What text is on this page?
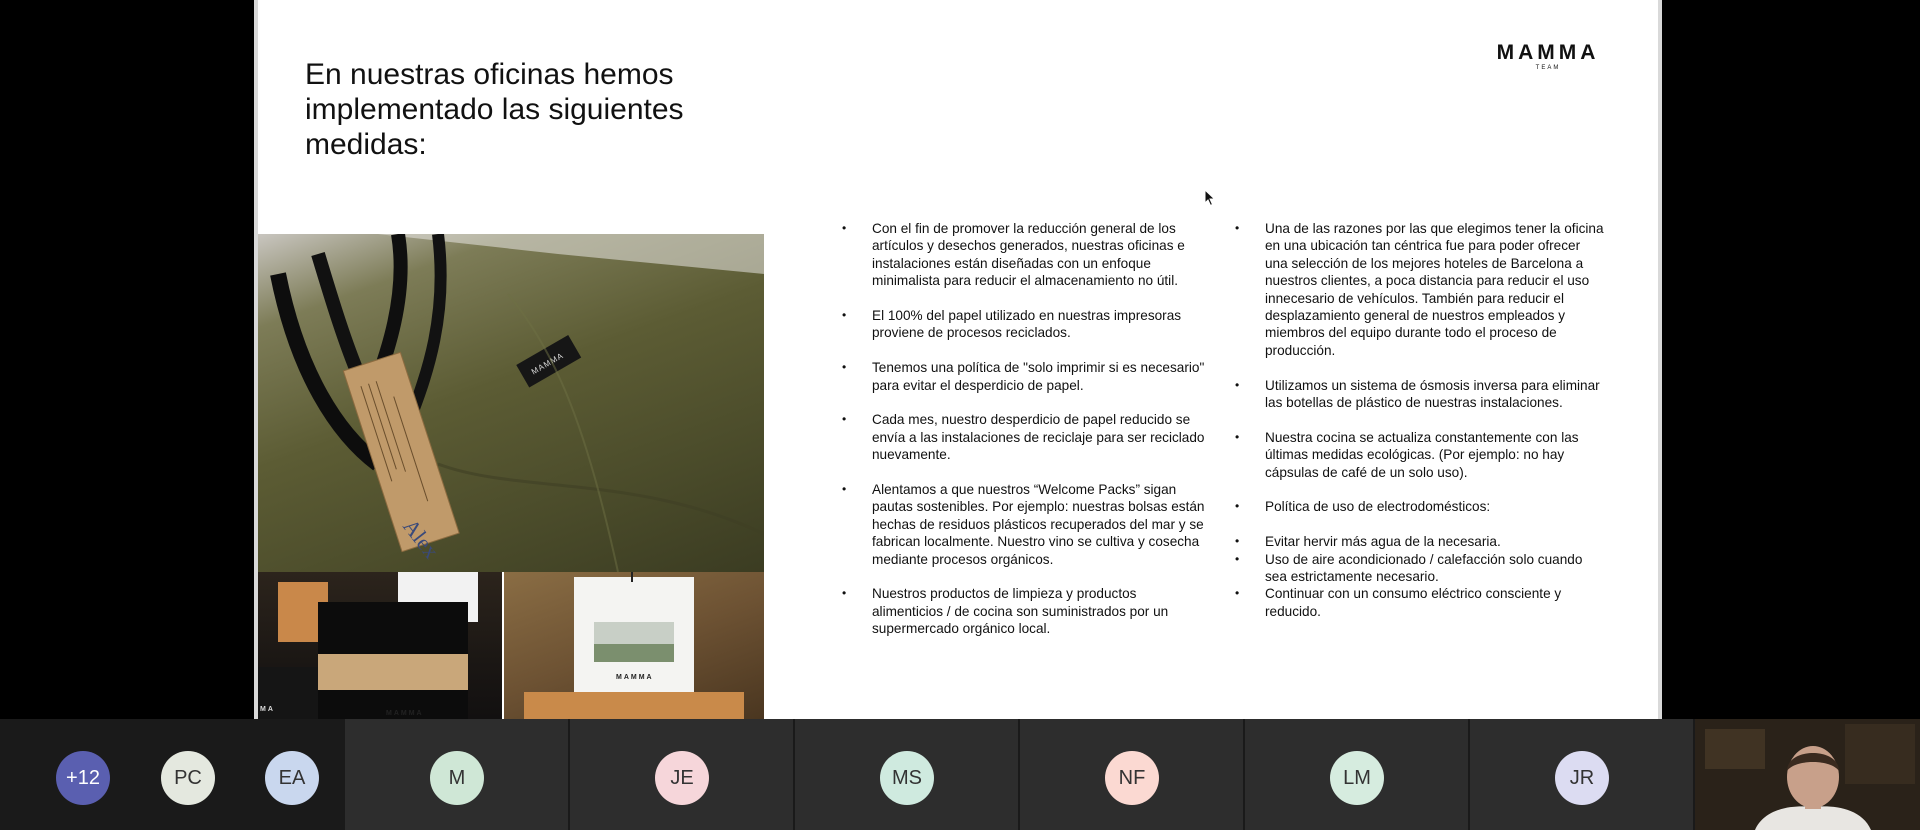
En nuestras oficinas hemos implementado las siguientes medidas:
MAMMA
TEAM
Alex
MAMMA
MAMMA
MA
MAMMA
• Con el fin de promover la reducción general de los artículos y desechos generados, nuestras oficinas e instalaciones están diseñadas con un enfoque minimalista para reducir el almacenamiento no útil.
• El 100% del papel utilizado en nuestras impresoras proviene de procesos reciclados.
• Tenemos una política de "solo imprimir si es necesario" para evitar el desperdicio de papel.
• Cada mes, nuestro desperdicio de papel reducido se envía a las instalaciones de reciclaje para ser reciclado nuevamente.
• Alentamos a que nuestros “Welcome Packs” sigan pautas sostenibles. Por ejemplo: nuestras bolsas están hechas de residuos plásticos recuperados del mar y se fabrican localmente. Nuestro vino se cultiva y cosecha mediante procesos orgánicos.
• Nuestros productos de limpieza y productos alimenticios / de cocina son suministrados por un supermercado orgánico local.
• Una de las razones por las que elegimos tener la oficina en una ubicación tan céntrica fue para poder ofrecer una selección de los mejores hoteles de Barcelona a nuestros clientes, a poca distancia para reducir el uso innecesario de vehículos. También para reducir el desplazamiento general de nuestros empleados y miembros del equipo durante todo el proceso de producción.
• Utilizamos un sistema de ósmosis inversa para eliminar las botellas de plástico de nuestras instalaciones.
• Nuestra cocina se actualiza constantemente con las últimas medidas ecológicas. (Por ejemplo: no hay cápsulas de café de un solo uso).
• Política de uso de electrodomésticos:
• Evitar hervir más agua de la necesaria.
• Uso de aire acondicionado / calefacción solo cuando sea estrictamente necesario.
• Continuar con un consumo eléctrico consciente y reducido.
+12	PC	EA	M	JE	MS	NF	LM	JR
